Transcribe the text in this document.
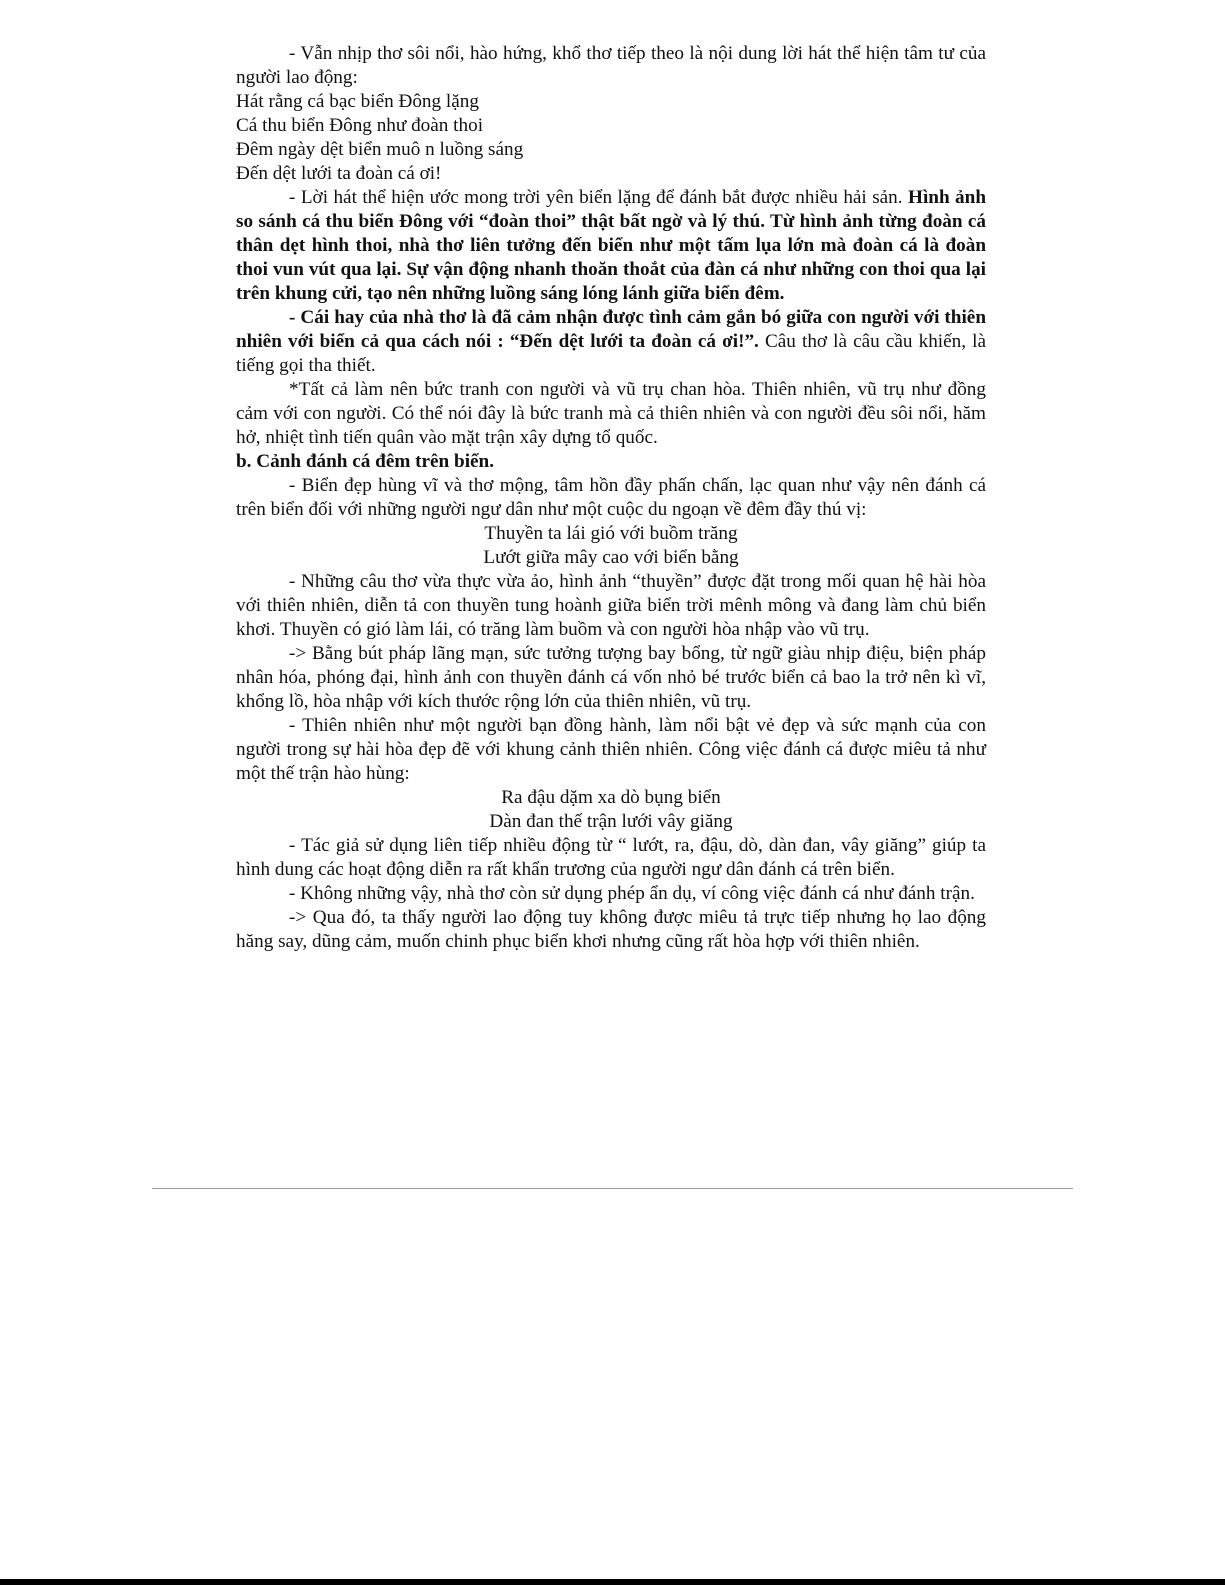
- Vẫn nhịp thơ sôi nổi, hào hứng, khổ thơ tiếp theo là nội dung lời hát thể hiện tâm tư của người lao động:

Hát rằng cá bạc biển Đông lặng

Cá thu biển Đông như đoàn thoi

Đêm ngày dệt biển muô n luồng sáng

Đến dệt lưới ta đoàn cá ơi!

- Lời hát thể hiện ước mong trời yên biển lặng để đánh bắt được nhiều hải sản. Hình ảnh so sánh cá thu biển Đông với “đoàn thoi” thật bất ngờ và lý thú. Từ hình ảnh từng đoàn cá thân dẹt hình thoi, nhà thơ liên tưởng đến biển như một tấm lụa lớn mà đoàn cá là đoàn thoi vun vút qua lại. Sự vận động nhanh thoăn thoắt của đàn cá như những con thoi qua lại trên khung cửi, tạo nên những luồng sáng lóng lánh giữa biển đêm.

- Cái hay của nhà thơ là đã cảm nhận được tình cảm gắn bó giữa con người với thiên nhiên với biển cả qua cách nói : “Đến dệt lưới ta đoàn cá ơi!”. Câu thơ là câu cầu khiến, là tiếng gọi tha thiết.

*Tất cả làm nên bức tranh con người và vũ trụ chan hòa. Thiên nhiên, vũ trụ như đồng cảm với con người. Có thể nói đây là bức tranh mà cả thiên nhiên và con người đều sôi nổi, hăm hở, nhiệt tình tiến quân vào mặt trận xây dựng tổ quốc.

b. Cảnh đánh cá đêm trên biển.

- Biển đẹp hùng vĩ và thơ mộng, tâm hồn đầy phấn chấn, lạc quan như vậy nên đánh cá trên biển đối với những người ngư dân như một cuộc du ngoạn về đêm đầy thú vị:

Thuyền ta lái gió với buồm trăng

Lướt giữa mây cao với biển bằng

- Những câu thơ vừa thực vừa ảo, hình ảnh “thuyền” được đặt trong mối quan hệ hài hòa với thiên nhiên, diễn tả con thuyền tung hoành giữa biển trời mênh mông và đang làm chủ biển khơi. Thuyền có gió làm lái, có trăng làm buồm và con người hòa nhập vào vũ trụ.

-> Bằng bút pháp lãng mạn, sức tưởng tượng bay bổng, từ ngữ giàu nhịp điệu, biện pháp nhân hóa, phóng đại, hình ảnh con thuyền đánh cá vốn nhỏ bé trước biển cả bao la trở nên kì vĩ, khổng lồ, hòa nhập với kích thước rộng lớn của thiên nhiên, vũ trụ.

- Thiên nhiên như một người bạn đồng hành, làm nổi bật vẻ đẹp và sức mạnh của con người trong sự hài hòa đẹp đẽ với khung cảnh thiên nhiên. Công việc đánh cá được miêu tả như một thế trận hào hùng:

Ra đậu dặm xa dò bụng biển

Dàn đan thế trận lưới vây giăng

- Tác giả sử dụng liên tiếp nhiều động từ “ lướt, ra, đậu, dò, dàn đan, vây giăng” giúp ta hình dung các hoạt động diễn ra rất khẩn trương của người ngư dân đánh cá trên biển.

- Không những vậy, nhà thơ còn sử dụng phép ẩn dụ, ví công việc đánh cá như đánh trận.

-> Qua đó, ta thấy người lao động tuy không được miêu tả trực tiếp nhưng họ lao động hăng say, dũng cảm, muốn chinh phục biển khơi nhưng cũng rất hòa hợp với thiên nhiên.
